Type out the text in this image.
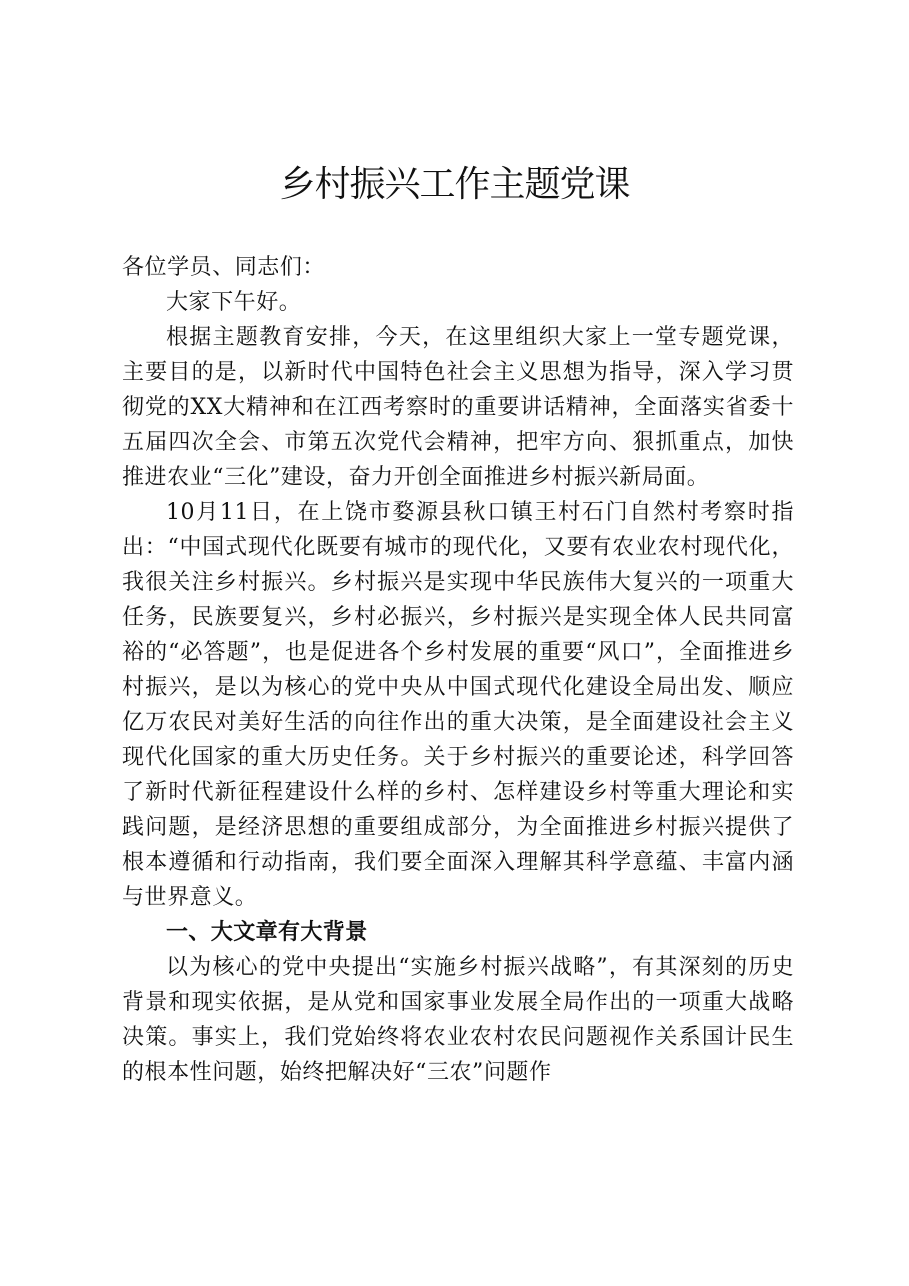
乡村振兴工作主题党课

各位学员、同志们：

大家下午好。

根据主题教育安排，今天，在这里组织大家上一堂专题党课，主要目的是，以新时代中国特色社会主义思想为指导，深入学习贯彻党的XX大精神和在江西考察时的重要讲话精神，全面落实省委十五届四次全会、市第五次党代会精神，把牢方向、狠抓重点，加快推进农业“三化”建设，奋力开创全面推进乡村振兴新局面。

10月11日，在上饶市婺源县秋口镇王村石门自然村考察时指出：“中国式现代化既要有城市的现代化，又要有农业农村现代化，我很关注乡村振兴。乡村振兴是实现中华民族伟大复兴的一项重大任务，民族要复兴，乡村必振兴，乡村振兴是实现全体人民共同富裕的“必答题”，也是促进各个乡村发展的重要“风口”，全面推进乡村振兴，是以为核心的党中央从中国式现代化建设全局出发、顺应亿万农民对美好生活的向往作出的重大决策，是全面建设社会主义现代化国家的重大历史任务。关于乡村振兴的重要论述，科学回答了新时代新征程建设什么样的乡村、怎样建设乡村等重大理论和实践问题，是经济思想的重要组成部分，为全面推进乡村振兴提供了根本遵循和行动指南，我们要全面深入理解其科学意蕴、丰富内涵与世界意义。

一、大文章有大背景

以为核心的党中央提出“实施乡村振兴战略”，有其深刻的历史背景和现实依据，是从党和国家事业发展全局作出的一项重大战略决策。事实上，我们党始终将农业农村农民问题视作关系国计民生的根本性问题，始终把解决好“三农”问题作
